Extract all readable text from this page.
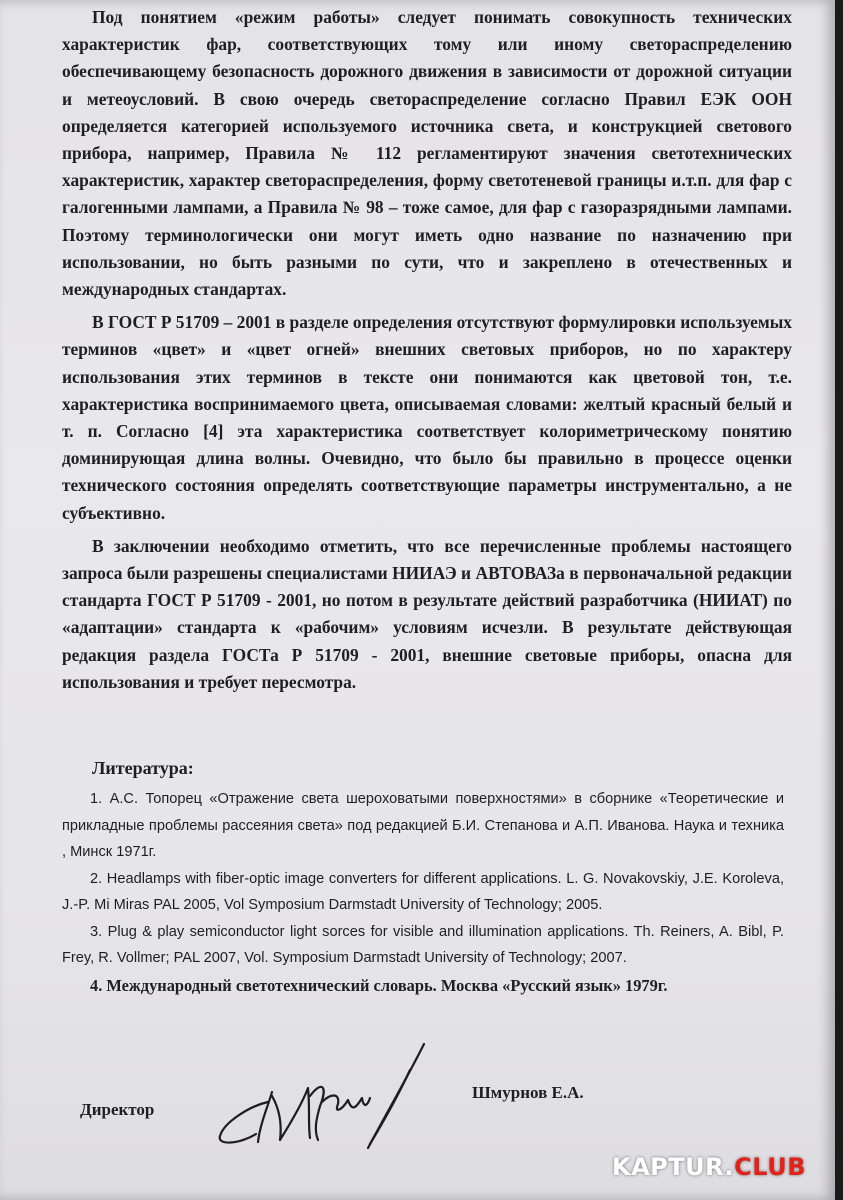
Под понятием «режим работы» следует понимать совокупность технических характеристик фар, соответствующих тому или иному светораспределению обеспечивающему безопасность дорожного движения в зависимости от дорожной ситуации и метеоусловий. В свою очередь светораспределение согласно Правил ЕЭК ООН определяется категорией используемого источника света, и конструкцией светового прибора, например, Правила № 112 регламентируют значения светотехнических характеристик, характер светораспределения, форму светотеневой границы и.т.п. для фар с галогенными лампами, а Правила № 98 – тоже самое, для фар с газоразрядными лампами. Поэтому терминологически они могут иметь одно название по назначению при использовании, но быть разными по сути, что и закреплено в отечественных и международных стандартах.

В ГОСТ Р 51709 – 2001 в разделе определения отсутствуют формулировки используемых терминов «цвет» и «цвет огней» внешних световых приборов, но по характеру использования этих терминов в тексте они понимаются как цветовой тон, т.е. характеристика воспринимаемого цвета, описываемая словами: желтый красный белый и т. п. Согласно [4] эта характеристика соответствует колориметрическому понятию доминирующая длина волны. Очевидно, что было бы правильно в процессе оценки технического состояния определять соответствующие параметры инструментально, а не субъективно.

В заключении необходимо отметить, что все перечисленные проблемы настоящего запроса были разрешены специалистами НИИАЭ и АВТОВАЗа в первоначальной редакции стандарта ГОСТ Р 51709 - 2001, но потом в результате действий разработчика (НИИАТ) по «адаптации» стандарта к «рабочим» условиям исчезли. В результате действующая редакция раздела ГОСТа Р 51709 - 2001, внешние световые приборы, опасна для использования и требует пересмотра.

Литература:
1. А.С. Топорец «Отражение света шероховатыми поверхностями» в сборнике «Теоретические и прикладные проблемы рассеяния света» под редакцией Б.И. Степанова и А.П. Иванова. Наука и техника , Минск 1971г.
2. Headlamps with fiber-optic image converters for different applications. L. G. Novakovskiy, J.E. Koroleva, J.-P. Mi Miras PAL 2005, Vol Symposium Darmstadt University of Technology; 2005.
3. Plug & play semiconductor light sorces for visible and illumination applications. Th. Reiners, A. Bibl, P. Frey, R. Vollmer; PAL 2007, Vol. Symposium Darmstadt University of Technology; 2007.
4. Международный светотехнический словарь. Москва «Русский язык» 1979г.
Директор
Шмурнов Е.А.
KAPTUR.CLUB
